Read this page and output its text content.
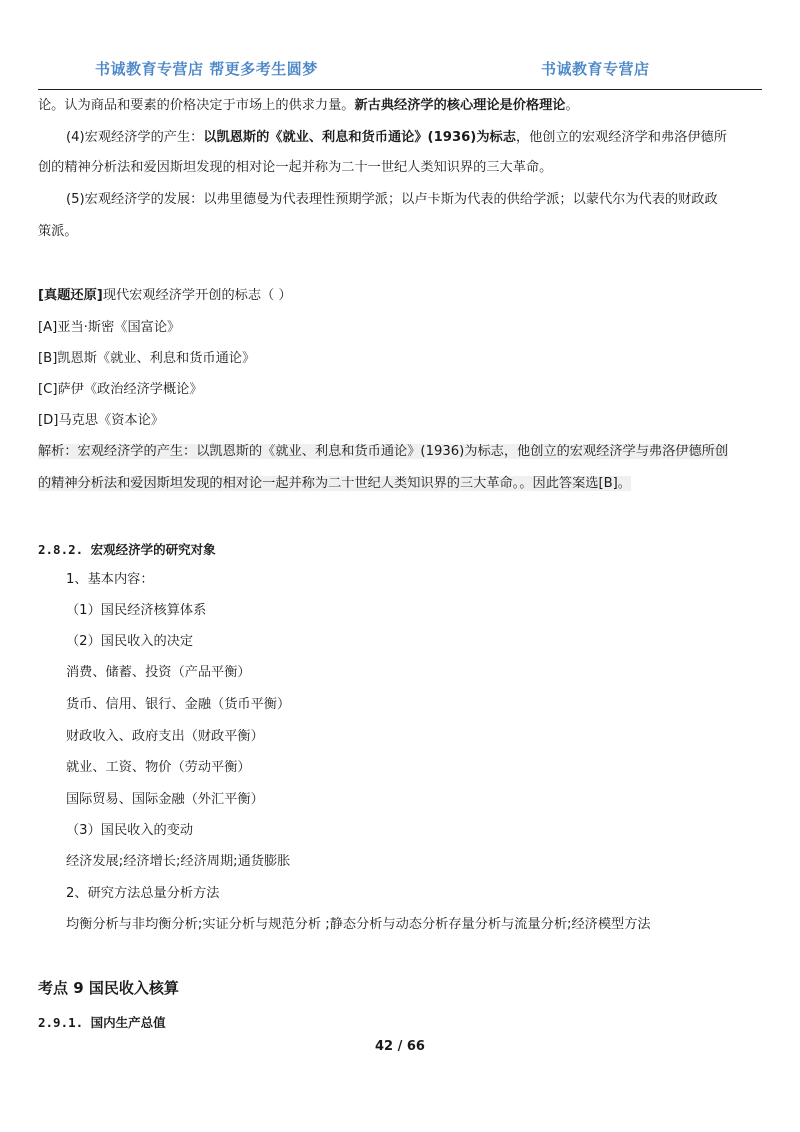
书诚教育专营店 帮更多考生圆梦	书诚教育专营店
论。认为商品和要素的价格决定于市场上的供求力量。新古典经济学的核心理论是价格理论。
(4)宏观经济学的产生：以凯恩斯的《就业、利息和货币通论》(1936)为标志，他创立的宏观经济学和弗洛伊德所
创的精神分析法和爱因斯坦发现的相对论一起并称为二十一世纪人类知识界的三大革命。
(5)宏观经济学的发展：以弗里德曼为代表理性预期学派；以卢卡斯为代表的供给学派；以蒙代尔为代表的财政政
策派。
[真题还原]现代宏观经济学开创的标志（ ）
[A]亚当·斯密《国富论》
[B]凯恩斯《就业、利息和货币通论》
[C]萨伊《政治经济学概论》
[D]马克思《资本论》
解析：宏观经济学的产生：以凯恩斯的《就业、利息和货币通论》(1936)为标志，他创立的宏观经济学与弗洛伊德所创
的精神分析法和爱因斯坦发现的相对论一起并称为二十世纪人类知识界的三大革命。。因此答案选[B]。
2.8.2. 宏观经济学的研究对象
1、基本内容：
（1）国民经济核算体系
（2）国民收入的决定
消费、储蓄、投资（产品平衡）
货币、信用、银行、金融（货币平衡）
财政收入、政府支出（财政平衡）
就业、工资、物价（劳动平衡）
国际贸易、国际金融（外汇平衡）
（3）国民收入的变动
经济发展;经济增长;经济周期;通货膨胀
2、研究方法总量分析方法
均衡分析与非均衡分析;实证分析与规范分析 ;静态分析与动态分析存量分析与流量分析;经济模型方法
考点 9 国民收入核算
2.9.1. 国内生产总值
42 / 66
